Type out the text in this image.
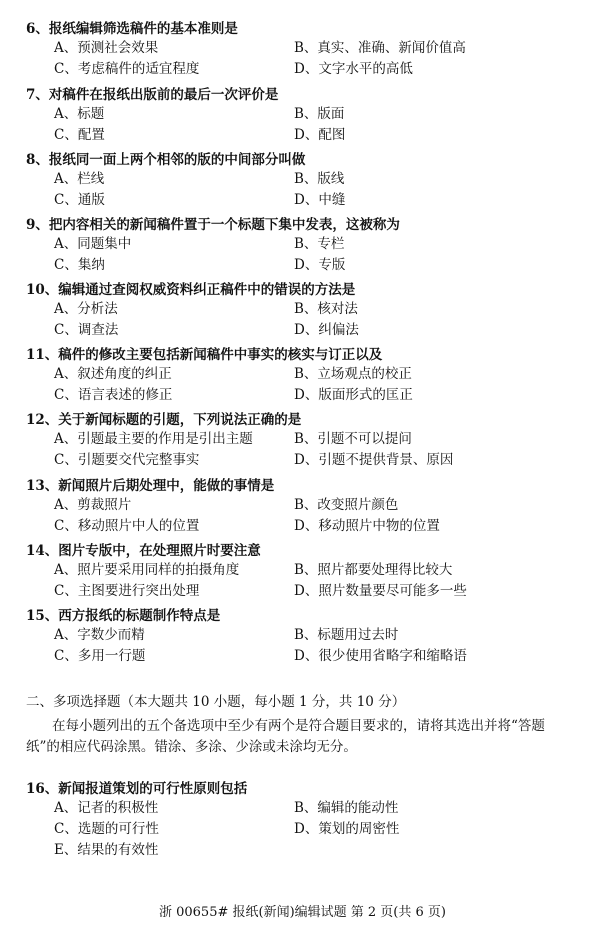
6、报纸编辑筛选稿件的基本准则是
A、预测社会效果	B、真实、准确、新闻价值高
C、考虑稿件的适宜程度	D、文字水平的高低
7、对稿件在报纸出版前的最后一次评价是
A、标题	B、版面
C、配置	D、配图
8、报纸同一面上两个相邻的版的中间部分叫做
A、栏线	B、版线
C、通版	D、中缝
9、把内容相关的新闻稿件置于一个标题下集中发表，这被称为
A、同题集中	B、专栏
C、集纳	D、专版
10、编辑通过查阅权威资料纠正稿件中的错误的方法是
A、分析法	B、核对法
C、调查法	D、纠偏法
11、稿件的修改主要包括新闻稿件中事实的核实与订正以及
A、叙述角度的纠正	B、立场观点的校正
C、语言表述的修正	D、版面形式的匡正
12、关于新闻标题的引题，下列说法正确的是
A、引题最主要的作用是引出主题	B、引题不可以提问
C、引题要交代完整事实	D、引题不提供背景、原因
13、新闻照片后期处理中，能做的事情是
A、剪裁照片	B、改变照片颜色
C、移动照片中人的位置	D、移动照片中物的位置
14、图片专版中，在处理照片时要注意
A、照片要采用同样的拍摄角度	B、照片都要处理得比较大
C、主图要进行突出处理	D、照片数量要尽可能多一些
15、西方报纸的标题制作特点是
A、字数少而精	B、标题用过去时
C、多用一行题	D、很少使用省略字和缩略语
二、多项选择题（本大题共 10 小题，每小题 1 分，共 10 分）
在每小题列出的五个备选项中至少有两个是符合题目要求的，请将其选出并将“答题纸”的相应代码涂黑。错涂、多涂、少涂或未涂均无分。
16、新闻报道策划的可行性原则包括
A、记者的积极性	B、编辑的能动性
C、选题的可行性	D、策划的周密性
E、结果的有效性
浙 00655# 报纸(新闻)编辑试题 第 2 页(共 6 页)
